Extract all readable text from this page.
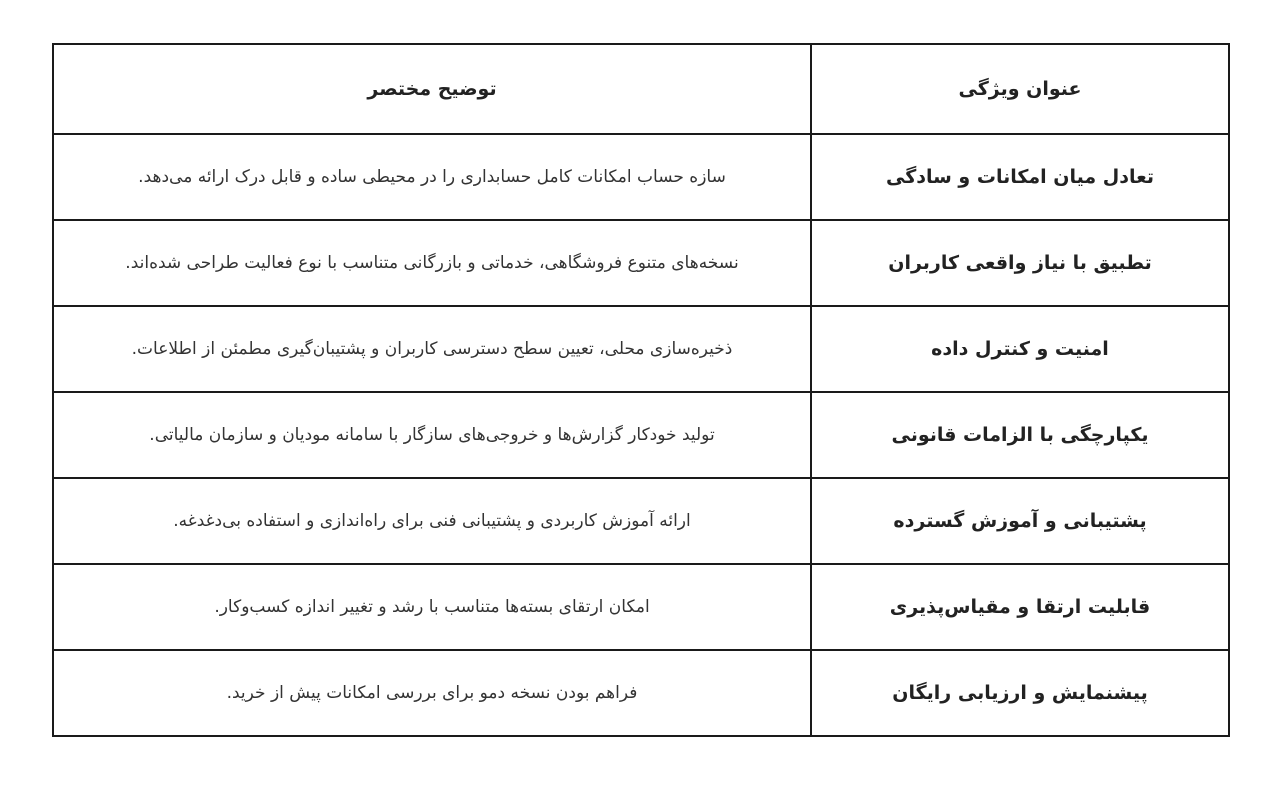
عنوان ویژگی	توضیح مختصر
تعادل میان امکانات و سادگی	سازه حساب امکانات کامل حسابداری را در محیطی ساده و قابل درک ارائه می‌دهد.
تطبیق با نیاز واقعی کاربران	نسخه‌های متنوع فروشگاهی، خدماتی و بازرگانی متناسب با نوع فعالیت طراحی شده‌اند.
امنیت و کنترل داده	ذخیره‌سازی محلی، تعیین سطح دسترسی کاربران و پشتیبان‌گیری مطمئن از اطلاعات.
یکپارچگی با الزامات قانونی	تولید خودکار گزارش‌ها و خروجی‌های سازگار با سامانه مودیان و سازمان مالیاتی.
پشتیبانی و آموزش گسترده	ارائه آموزش کاربردی و پشتیبانی فنی برای راه‌اندازی و استفاده بی‌دغدغه.
قابلیت ارتقا و مقیاس‌پذیری	امکان ارتقای بسته‌ها متناسب با رشد و تغییر اندازه کسب‌وکار.
پیشنمایش و ارزیابی رایگان	فراهم بودن نسخه دمو برای بررسی امکانات پیش از خرید.
